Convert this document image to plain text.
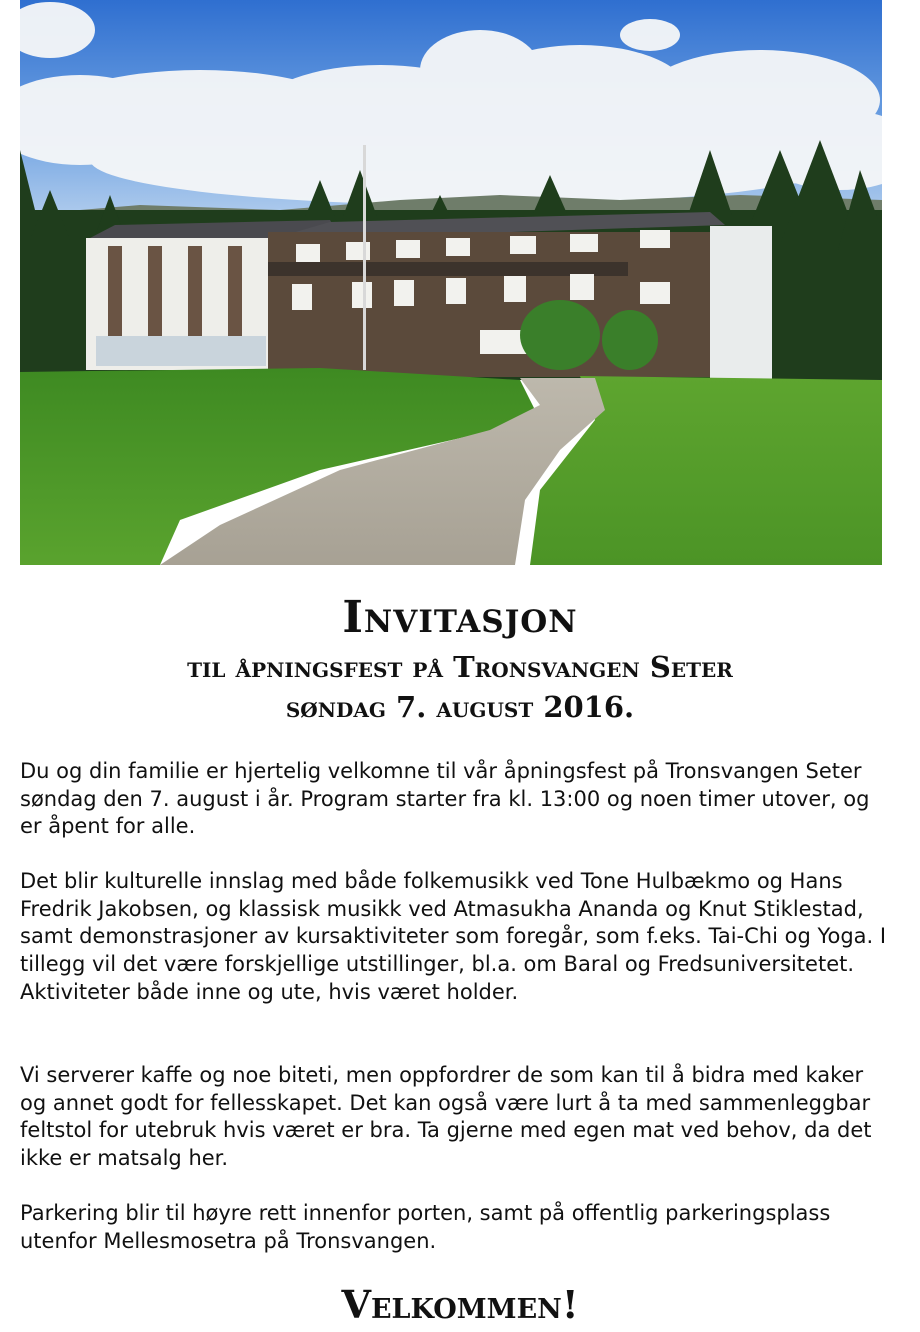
Invitasjon
til åpningsfest på Tronsvangen Seter
søndag 7. august 2016.

Du og din familie er hjertelig velkomne til vår åpningsfest på Tronsvangen Seter søndag den 7. august i år. Program starter fra kl. 13:00 og noen timer utover, og er åpent for alle.

Det blir kulturelle innslag med både folkemusikk ved Tone Hulbækmo og Hans Fredrik Jakobsen, og klassisk musikk ved Atmasukha Ananda og Knut Stiklestad, samt demonstrasjoner av kursaktiviteter som foregår, som f.eks. Tai-Chi og Yoga. I tillegg vil det være forskjellige utstillinger, bl.a. om Baral og Fredsuniversitetet. Aktiviteter både inne og ute, hvis været holder.

Vi serverer kaffe og noe biteti, men oppfordrer de som kan til å bidra med kaker og annet godt for fellesskapet. Det kan også være lurt å ta med sammenleggbar feltstol for utebruk hvis været er bra. Ta gjerne med egen mat ved behov, da det ikke er matsalg her.

Parkering blir til høyre rett innenfor porten, samt på offentlig parkeringsplass utenfor Mellesmosetra på Tronsvangen.

Velkommen!
